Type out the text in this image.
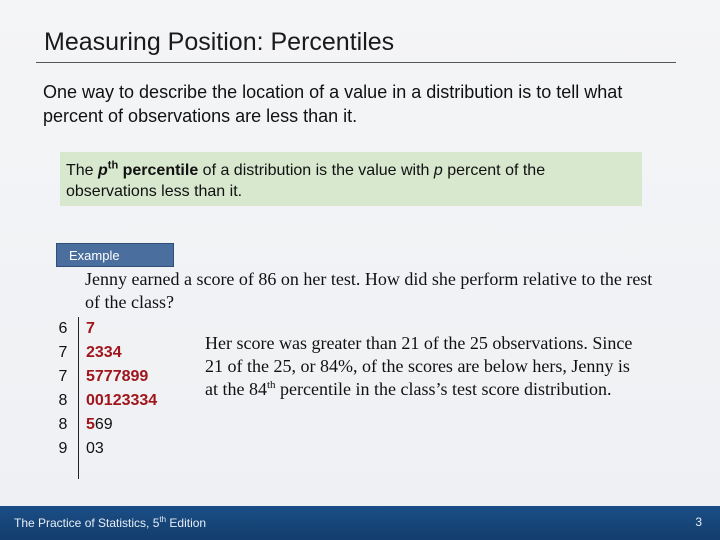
Measuring Position: Percentiles
One way to describe the location of a value in a distribution is to tell what percent of observations are less than it.
The $p^{th}$ percentile of a distribution is the value with p percent of the observations less than it.
Example
Jenny earned a score of 86 on her test. How did she perform relative to the rest of the class?
6 7
7 2334
7 5777899
8 00123334
8 569
9 03
Her score was greater than 21 of the 25 observations. Since 21 of the 25, or 84%, of the scores are below hers, Jenny is at the 84th percentile in the class’s test score distribution.
The Practice of Statistics, 5th Edition	3
